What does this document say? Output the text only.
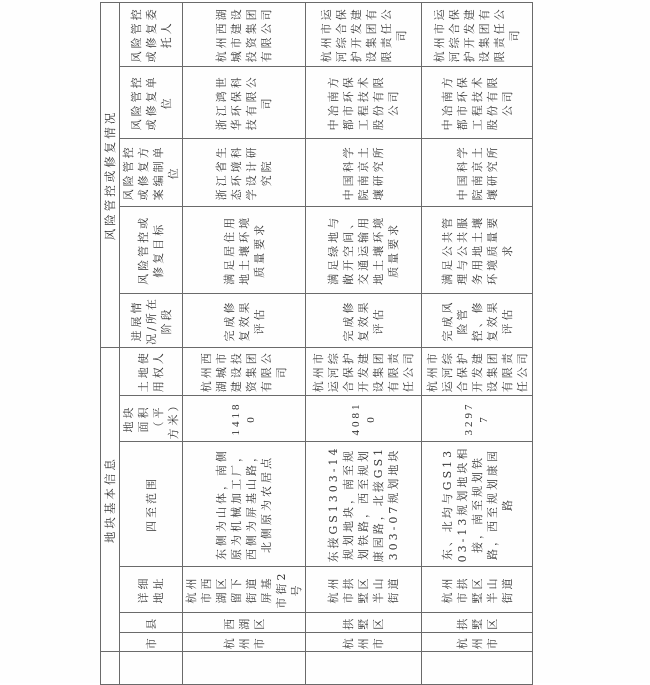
	地块基本信息						风险管控或修复情况				
	市	县	详细地址	四至范围	地块面积（平方米）	土地使用权人	进展情况/所在阶段	风险管控或修复目标	风险管控或修复方案编制单位	风险管控或修复单位	风险管控或修复委托人
	杭州市	西湖区	杭州市西湖区留下街道屏基市街2号	东侧为山体，南侧原为机械加工厂，西侧为屏基山路，北侧原为农居点	14180	杭州西湖城市建设投资集团有限公司	完成修复效果评估	满足居住用地土壤环境质量要求	浙江省生态环境科学设计研究院	浙江鸿世华环保科技有限公司	杭州西湖城市建设投资集团有限公司
	杭州市	拱墅区	杭州市拱墅区半山街道	东接GS1303-14规划地块，南至规划铁路，西至规划康园路，北接GS1303-07规划地块	40810	杭州市运河综合保护开发建设集团有限责任公司	完成修复效果评估	满足绿地与敞开空间、交通运输用地土壤环境质量要求	中国科学院南京土壤研究所	中冶南方都市环保工程技术股份有限公司	杭州市运河综合保护开发建设集团有限责任公司
	杭州市	拱墅区	杭州市拱墅区半山街道	东、北均与GS1303-13规划地块相接，南至规划铁路，西至规划康园路	32977	杭州市运河综合保护开发建设集团有限责任公司	完成风险管控、修复效果评估	满足公共管理与公共服务用地土壤环境质量要求	中国科学院南京土壤研究所	中冶南方都市环保工程技术股份有限公司	杭州市运河综合保护开发建设集团有限责任公司
